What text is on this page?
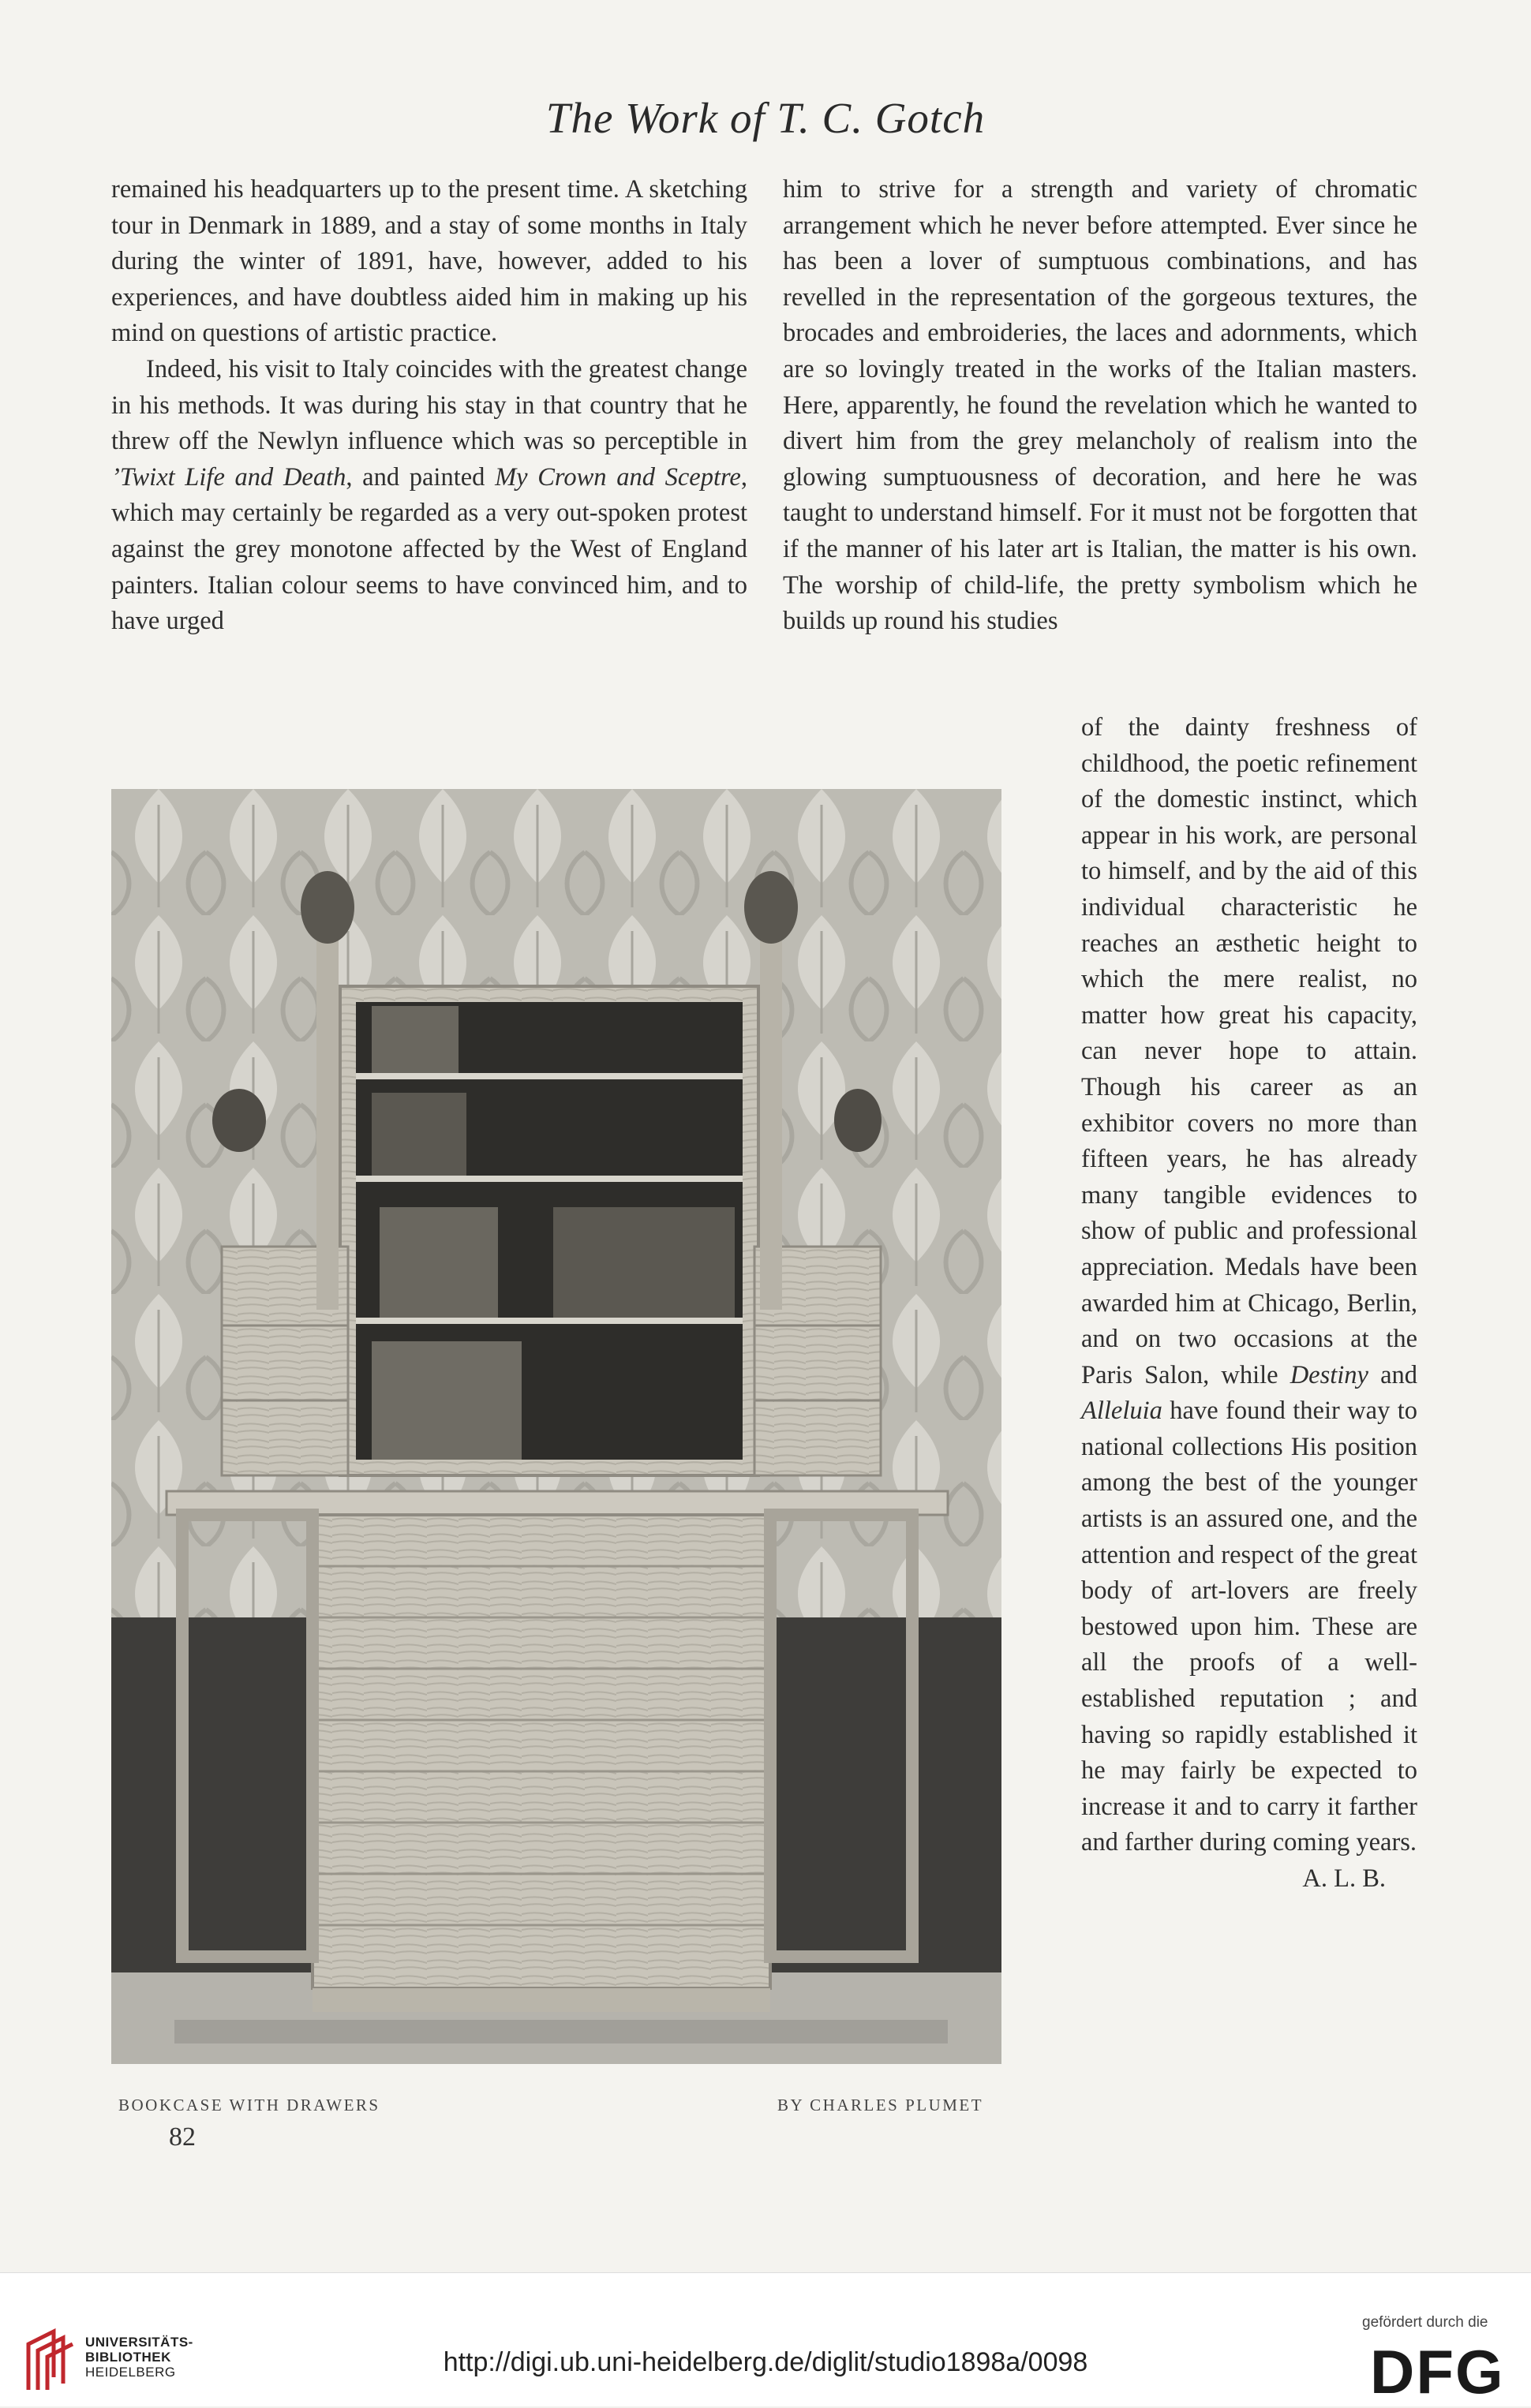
The Work of T. C. Gotch

remained his headquarters up to the present time. A sketching tour in Denmark in 1889, and a stay of some months in Italy during the winter of 1891, have, however, added to his experiences, and have doubtless aided him in making up his mind on questions of artistic practice.

Indeed, his visit to Italy coincides with the greatest change in his methods. It was during his stay in that country that he threw off the Newlyn influence which was so perceptible in ’Twixt Life and Death, and painted My Crown and Sceptre, which may certainly be regarded as a very out-spoken protest against the grey monotone affected by the West of England painters. Italian colour seems to have convinced him, and to have urged

him to strive for a strength and variety of chromatic arrangement which he never before attempted. Ever since he has been a lover of sumptuous combinations, and has revelled in the representation of the gorgeous textures, the brocades and embroideries, the laces and adornments, which are so lovingly treated in the works of the Italian masters. Here, apparently, he found the revelation which he wanted to divert him from the grey melancholy of realism into the glowing sumptuousness of decoration, and here he was taught to understand himself. For it must not be forgotten that if the manner of his later art is Italian, the matter is his own. The worship of child-life, the pretty symbolism which he builds up round his studies

of the dainty freshness of childhood, the poetic refinement of the domestic instinct, which appear in his work, are personal to himself, and by the aid of this individual characteristic he reaches an æsthetic height to which the mere realist, no matter how great his capacity, can never hope to attain. Though his career as an exhibitor covers no more than fifteen years, he has already many tangible evidences to show of public and professional appreciation. Medals have been awarded him at Chicago, Berlin, and on two occasions at the Paris Salon, while Destiny and Alleluia have found their way to national collections His position among the best of the younger artists is an assured one, and the attention and respect of the great body of art-lovers are freely bestowed upon him. These are all the proofs of a well-established reputation ; and having so rapidly established it he may fairly be expected to increase it and to carry it farther and farther during coming years.

A. L. B.

BOOKCASE WITH DRAWERS	BY CHARLES PLUMET
82
UNIVERSITÄTS-
BIBLIOTHEK
HEIDELBERG	http://digi.ub.uni-heidelberg.de/diglit/studio1898a/0098
gefördert durch die
DFG
